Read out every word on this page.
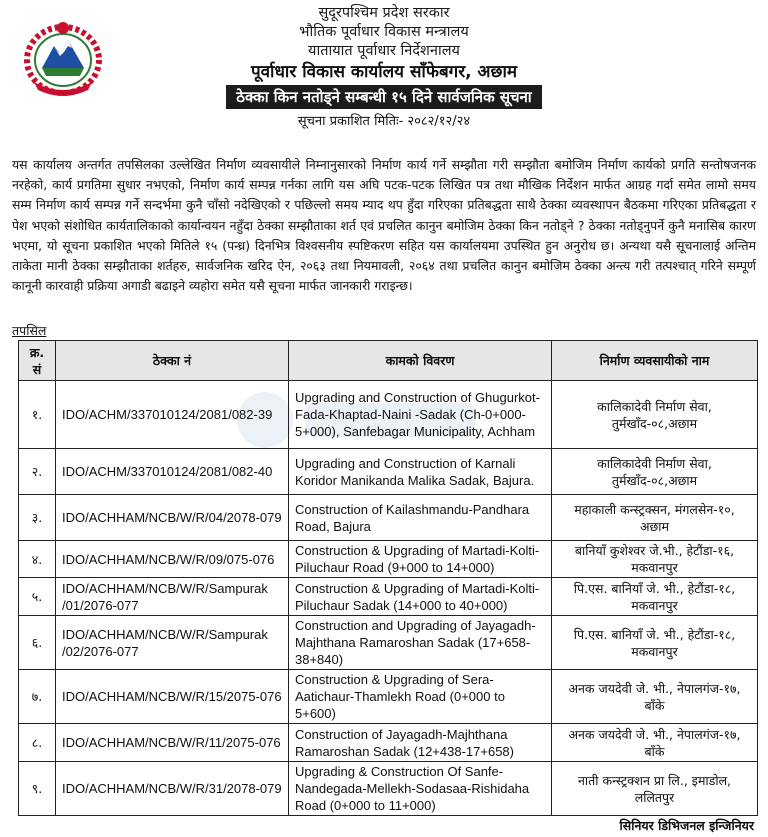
सुदूरपश्चिम प्रदेश सरकार
भौतिक पूर्वाधार विकास मन्त्रालय
यातायात पूर्वाधार निर्देशनालय
पूर्वाधार विकास कार्यालय साँफेबगर, अछाम
ठेक्का किन नतोड्ने सम्बन्धी १५ दिने सार्वजनिक सूचना
सूचना प्रकाशित मितिः- २०८२/१२/२४
यस कार्यालय अन्तर्गत तपसिलका उल्लेखित निर्माण व्यवसायीले निम्नानुसारको निर्माण कार्य गर्ने सम्झौता गरी सम्झौता बमोजिम निर्माण कार्यको प्रगति सन्तोषजनक नरहेको, कार्य प्रगतिमा सुधार नभएको, निर्माण कार्य सम्पन्न गर्नका लागि यस अघि पटक-पटक लिखित पत्र तथा मौखिक निर्देशन मार्फत आग्रह गर्दा समेत लामो समय सम्म निर्माण कार्य सम्पन्न गर्ने सन्दर्भमा कुनै चाँसो नदेखिएको र पछिल्लो समय म्याद थप हुँदा गरिएका प्रतिबद्धता साथै ठेक्का व्यवस्थापन बैठकमा गरिएका प्रतिबद्धता र पेश भएको संशोधित कार्यतालिकाको कार्यान्वयन नहुँदा ठेक्का सम्झौताका शर्त एवं प्रचलित कानुन बमोजिम ठेक्का किन नतोड्ने ? ठेक्का नतोड्नुपर्ने कुनै मनासिब कारण भएमा, यो सूचना प्रकाशित भएको मितिले १५ (पन्ध्र) दिनभित्र विश्वसनीय स्पष्टिकरण सहित यस कार्यालयमा उपस्थित हुन अनुरोध छ। अन्यथा यसै सूचनालाई अन्तिम ताकेता मानी ठेक्का सम्झौताका शर्तहरु, सार्वजनिक खरिद ऐन, २०६३ तथा नियमावली, २०६४ तथा प्रचलित कानुन बमोजिम ठेक्का अन्त्य गरी तत्पश्चात् गरिने सम्पूर्ण कानूनी कारवाही प्रक्रिया अगाडी बढाइने व्यहोरा समेत यसै सूचना मार्फत जानकारी गराइन्छ।
तपसिल
क्र. सं	ठेक्का नं	कामको विवरण	निर्माण व्यवसायीको नाम
१.	IDO/ACHM/337010124/2081/082-39	Upgrading and Construction of Ghugurkot-Fada-Khaptad-Naini -Sadak (Ch-0+000- 5+000), Sanfebagar Municipality, Achham	कालिकादेवी निर्माण सेवा, तुर्मखाँद-०८,अछाम
२.	IDO/ACHM/337010124/2081/082-40	Upgrading and Construction of Karnali Koridor Manikanda Malika Sadak, Bajura.	कालिकादेवी निर्माण सेवा, तुर्मखाँद-०८,अछाम
३.	IDO/ACHHAM/NCB/W/R/04/2078-079	Construction of Kailashmandu-Pandhara Road, Bajura	महाकाली कन्स्ट्रक्सन, मंगलसेन-१०, अछाम
४.	IDO/ACHHAM/NCB/W/R/09/075-076	Construction & Upgrading of Martadi-Kolti-Piluchaur Road (9+000 to 14+000)	बानियाँ कुशेश्वर जे.भी., हेटौंडा-१६, मकवानपुर
५.	IDO/ACHHAM/NCB/W/R/Sampurak /01/2076-077	Construction & Upgrading of Martadi-Kolti-Piluchaur Sadak (14+000 to 40+000)	पि.एस. बानियाँ जे. भी., हेटौंडा-१८, मकवानपुर
६.	IDO/ACHHAM/NCB/W/R/Sampurak /02/2076-077	Construction and Upgrading of Jayagadh-Majhthana Ramaroshan Sadak (17+658-38+840)	पि.एस. बानियाँ जे. भी., हेटौंडा-१८, मकवानपुर
७.	IDO/ACHHAM/NCB/W/R/15/2075-076	Construction & Upgrading of Sera-Aatichaur-Thamlekh Road (0+000 to 5+600)	अनक जयदेवी जे. भी., नेपालगंज-१७, बाँके
८.	IDO/ACHHAM/NCB/W/R/11/2075-076	Construction of Jayagadh-Majhthana Ramaroshan Sadak (12+438-17+658)	अनक जयदेवी जे. भी., नेपालगंज-१७, बाँके
९.	IDO/ACHHAM/NCB/W/R/31/2078-079	Upgrading & Construction Of Sanfe-Nandegada-Mellekh-Sodasaa-Rishidaha Road (0+000 to 11+000)	नाती कन्स्ट्रक्शन प्रा लि., इमाडोल, ललितपुर
सिनियर डिभिजनल इन्जिनियर
